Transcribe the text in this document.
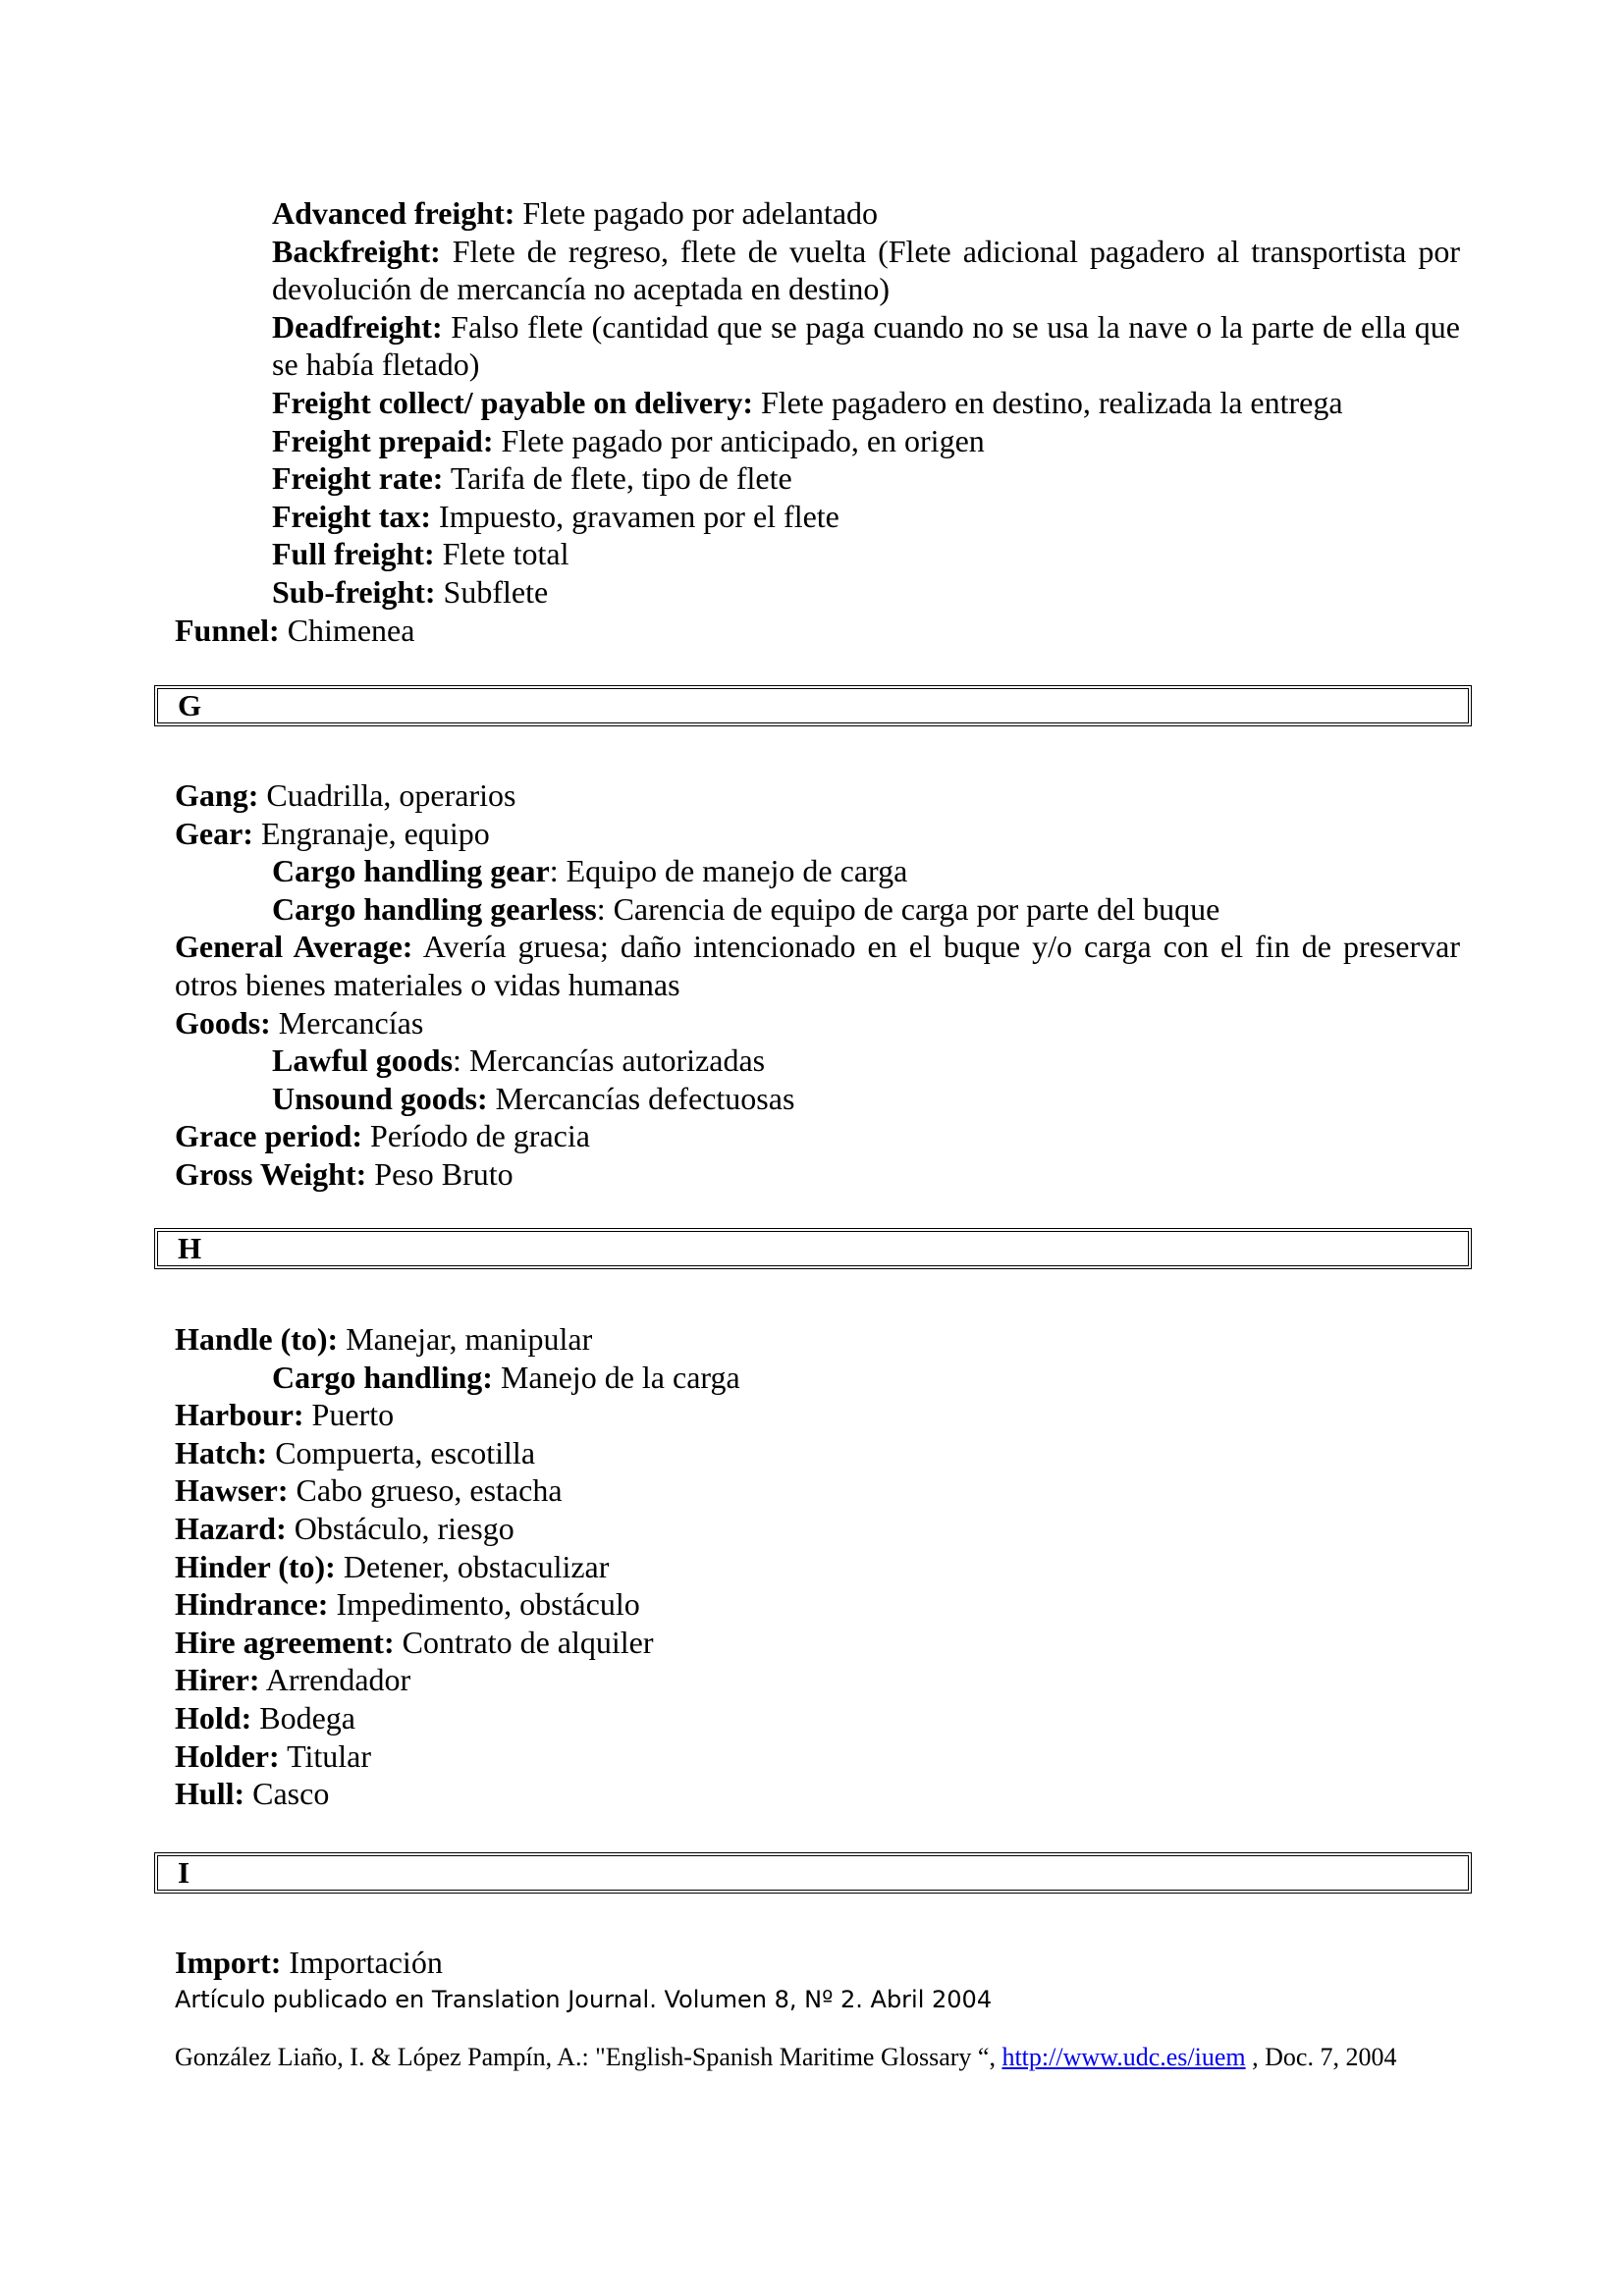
Advanced freight: Flete pagado por adelantado

Backfreight: Flete de regreso, flete de vuelta (Flete adicional pagadero al transportista por devolución de mercancía no aceptada en destino)

Deadfreight: Falso flete (cantidad que se paga cuando no se usa la nave o la parte de ella que se había fletado)

Freight collect/ payable on delivery: Flete pagadero en destino, realizada la entrega

Freight prepaid: Flete pagado por anticipado, en origen

Freight rate: Tarifa de flete, tipo de flete

Freight tax: Impuesto, gravamen por el flete

Full freight: Flete total

Sub-freight: Subflete

Funnel: Chimenea

G

Gang: Cuadrilla, operarios

Gear: Engranaje, equipo

Cargo handling gear: Equipo de manejo de carga

Cargo handling gearless: Carencia de equipo de carga por parte del buque

General Average: Avería gruesa; daño intencionado en el buque y/o carga con el fin de preservar otros bienes materiales o vidas humanas

Goods: Mercancías

Lawful goods: Mercancías autorizadas

Unsound goods: Mercancías defectuosas

Grace period: Período de gracia

Gross Weight: Peso Bruto

H

Handle (to): Manejar, manipular

Cargo handling: Manejo de la carga

Harbour: Puerto

Hatch: Compuerta, escotilla

Hawser: Cabo grueso, estacha

Hazard: Obstáculo, riesgo

Hinder (to): Detener, obstaculizar

Hindrance: Impedimento, obstáculo

Hire agreement: Contrato de alquiler

Hirer: Arrendador

Hold: Bodega

Holder: Titular

Hull: Casco

I

Import: Importación

Artículo publicado en Translation Journal. Volumen 8, Nº 2. Abril 2004
González Liaño, I. & López Pampín, A.: "English-Spanish Maritime Glossary “, http://www.udc.es/iuem , Doc. 7, 2004
